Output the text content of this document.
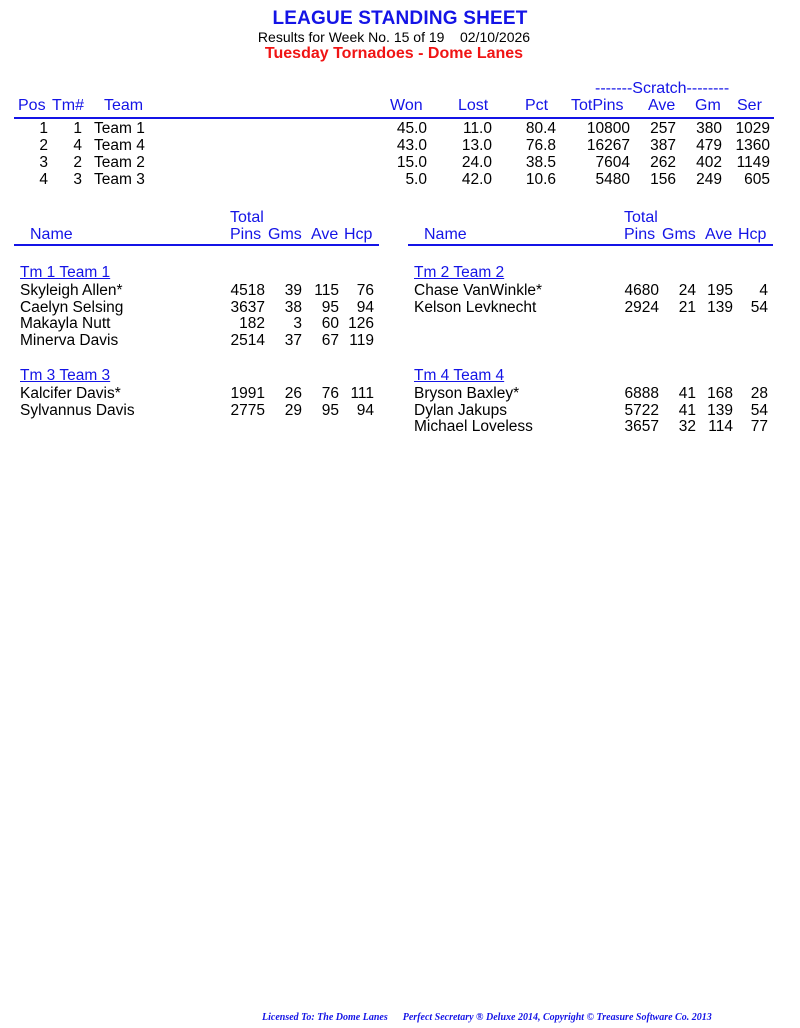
LEAGUE STANDING SHEET
Results for Week No. 15 of 19 02/10/2026
Tuesday Tornadoes - Dome Lanes
-------Scratch--------
Pos Tm# Team	Won Lost Pct TotPins Ave Gm Ser
1 1 Team 1	45.0 11.0 80.4 10800 257 380 1029
2 4 Team 4	43.0 13.0 76.8 16267 387 479 1360
3 2 Team 2	15.0 24.0 38.5	7604 262 402 1149
4 3 Team 3	5.0 42.0 10.6	5480 156 249 605
Total
Name	Pins Gms Ave Hcp
Total
Name	Pins Gms Ave Hcp
Tm 1 Team 1
Skyleigh Allen*	4518 39 115 76
Caelyn Selsing	3637 38 95 94
Makayla Nutt	182 3 60 126
Minerva Davis	2514 37 67 119
Tm 2 Team 2
Chase VanWinkle*	4680 24 195 4
Kelson Levknecht	2924 21 139 54
Tm 3 Team 3
Kalcifer Davis*	1991 26 76 111
Sylvannus Davis	2775 29 95 94
Tm 4 Team 4
Bryson Baxley*	6888 41 168 28
Dylan Jakups	5722 41 139 54
Michael Loveless	3657 32 114 77
Licensed To: The Dome Lanes Perfect Secretary ® Deluxe 2014, Copyright © Treasure Software Co. 2013
